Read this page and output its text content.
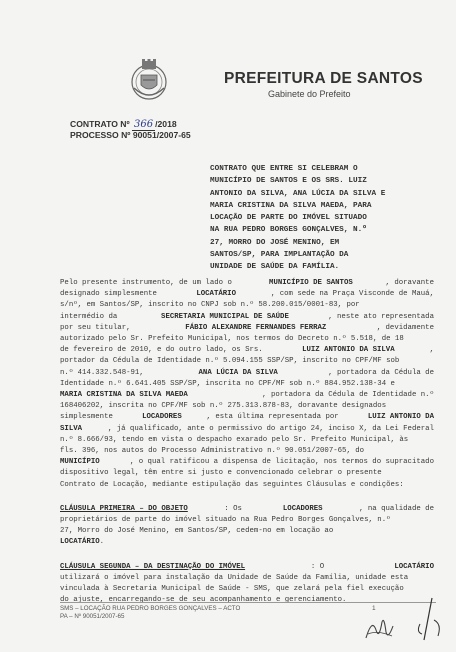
PREFEITURA DE SANTOS
Gabinete do Prefeito
CONTRATO Nº 366 /2018
PROCESSO Nº 90051/2007-65
CONTRATO QUE ENTRE SI CELEBRAM O
MUNICÍPIO DE SANTOS E OS SRS. LUIZ
ANTONIO DA SILVA, ANA LÚCIA DA SILVA E
MARIA CRISTINA DA SILVA MAEDA, PARA
LOCAÇÃO DE PARTE DO IMÓVEL SITUADO
NA RUA PEDRO BORGES GONÇALVES, N.º
27, MORRO DO JOSÉ MENINO, EM
SANTOS/SP, PARA IMPLANTAÇÃO DA
UNIDADE DE SAÚDE DA FAMÍLIA.
Pelo presente instrumento, de um lado o	MUNICÍPIO DE SANTOS	, doravante
designado simplesmente	LOCATÁRIO	, com sede na Praça Visconde de Mauá,
s/nº, em Santos/SP, inscrito no CNPJ sob n.º 58.200.015/0001-83, por
intermédio da	SECRETARIA MUNICIPAL DE SAÚDE	, neste ato representada
por seu titular,	FÁBIO ALEXANDRE FERNANDES FERRAZ	, devidamente
autorizado pelo Sr. Prefeito Municipal, nos termos do Decreto n.º 5.518, de 18
de fevereiro de 2010, e do outro lado, os Srs.	LUIZ ANTONIO DA SILVA	,
portador da Cédula de Identidade n.º 5.094.155 SSP/SP, inscrito no CPF/MF sob
n.º 414.332.548-91,	ANA LÚCIA DA SILVA	, portadora da Cédula de
Identidade n.º 6.641.405 SSP/SP, inscrita no CPF/MF sob n.º 884.952.138-34 e
MARIA CRISTINA DA SILVA MAEDA	, portadora da Cédula de Identidade n.º
168406202, inscrita no CPF/MF sob n.º 275.313.878-83, doravante designados
simplesmente	LOCADORES	, esta última representada por	LUIZ ANTONIO DA
SILVA	, já qualificado, ante o permissivo do artigo 24, inciso X, da Lei Federal
n.º 8.666/93, tendo em vista o despacho exarado pelo Sr. Prefeito Municipal, às
fls. 396, nos autos do Processo Administrativo n.º 90.051/2007-65, do
MUNICÍPIO	, o qual ratificou a dispensa de licitação, nos termos do supracitado
dispositivo legal, têm entre si justo e convencionado celebrar o presente
Contrato de Locação, mediante estipulação das seguintes Cláusulas e condições:
CLÁUSULA PRIMEIRA – DO OBJETO	: Os	LOCADORES	, na qualidade de
proprietários de parte do imóvel situado na Rua Pedro Borges Gonçalves, n.º
27, Morro do José Menino, em Santos/SP, cedem-no em locação ao
LOCATÁRIO .
CLÁUSULA SEGUNDA – DA DESTINAÇÃO DO IMÓVEL	: O	LOCATÁRIO
utilizará o imóvel para instalação da Unidade de Saúde da Família, unidade esta
vinculada à Secretaria Municipal de Saúde - SMS, que zelará pela fiel execução
do ajuste, encarregando-se de seu acompanhamento e gerenciamento.
SMS – LOCAÇÃO RUA PEDRO BORGES GONÇALVES – ACTO
PA – Nº 90051/2007-65
1
